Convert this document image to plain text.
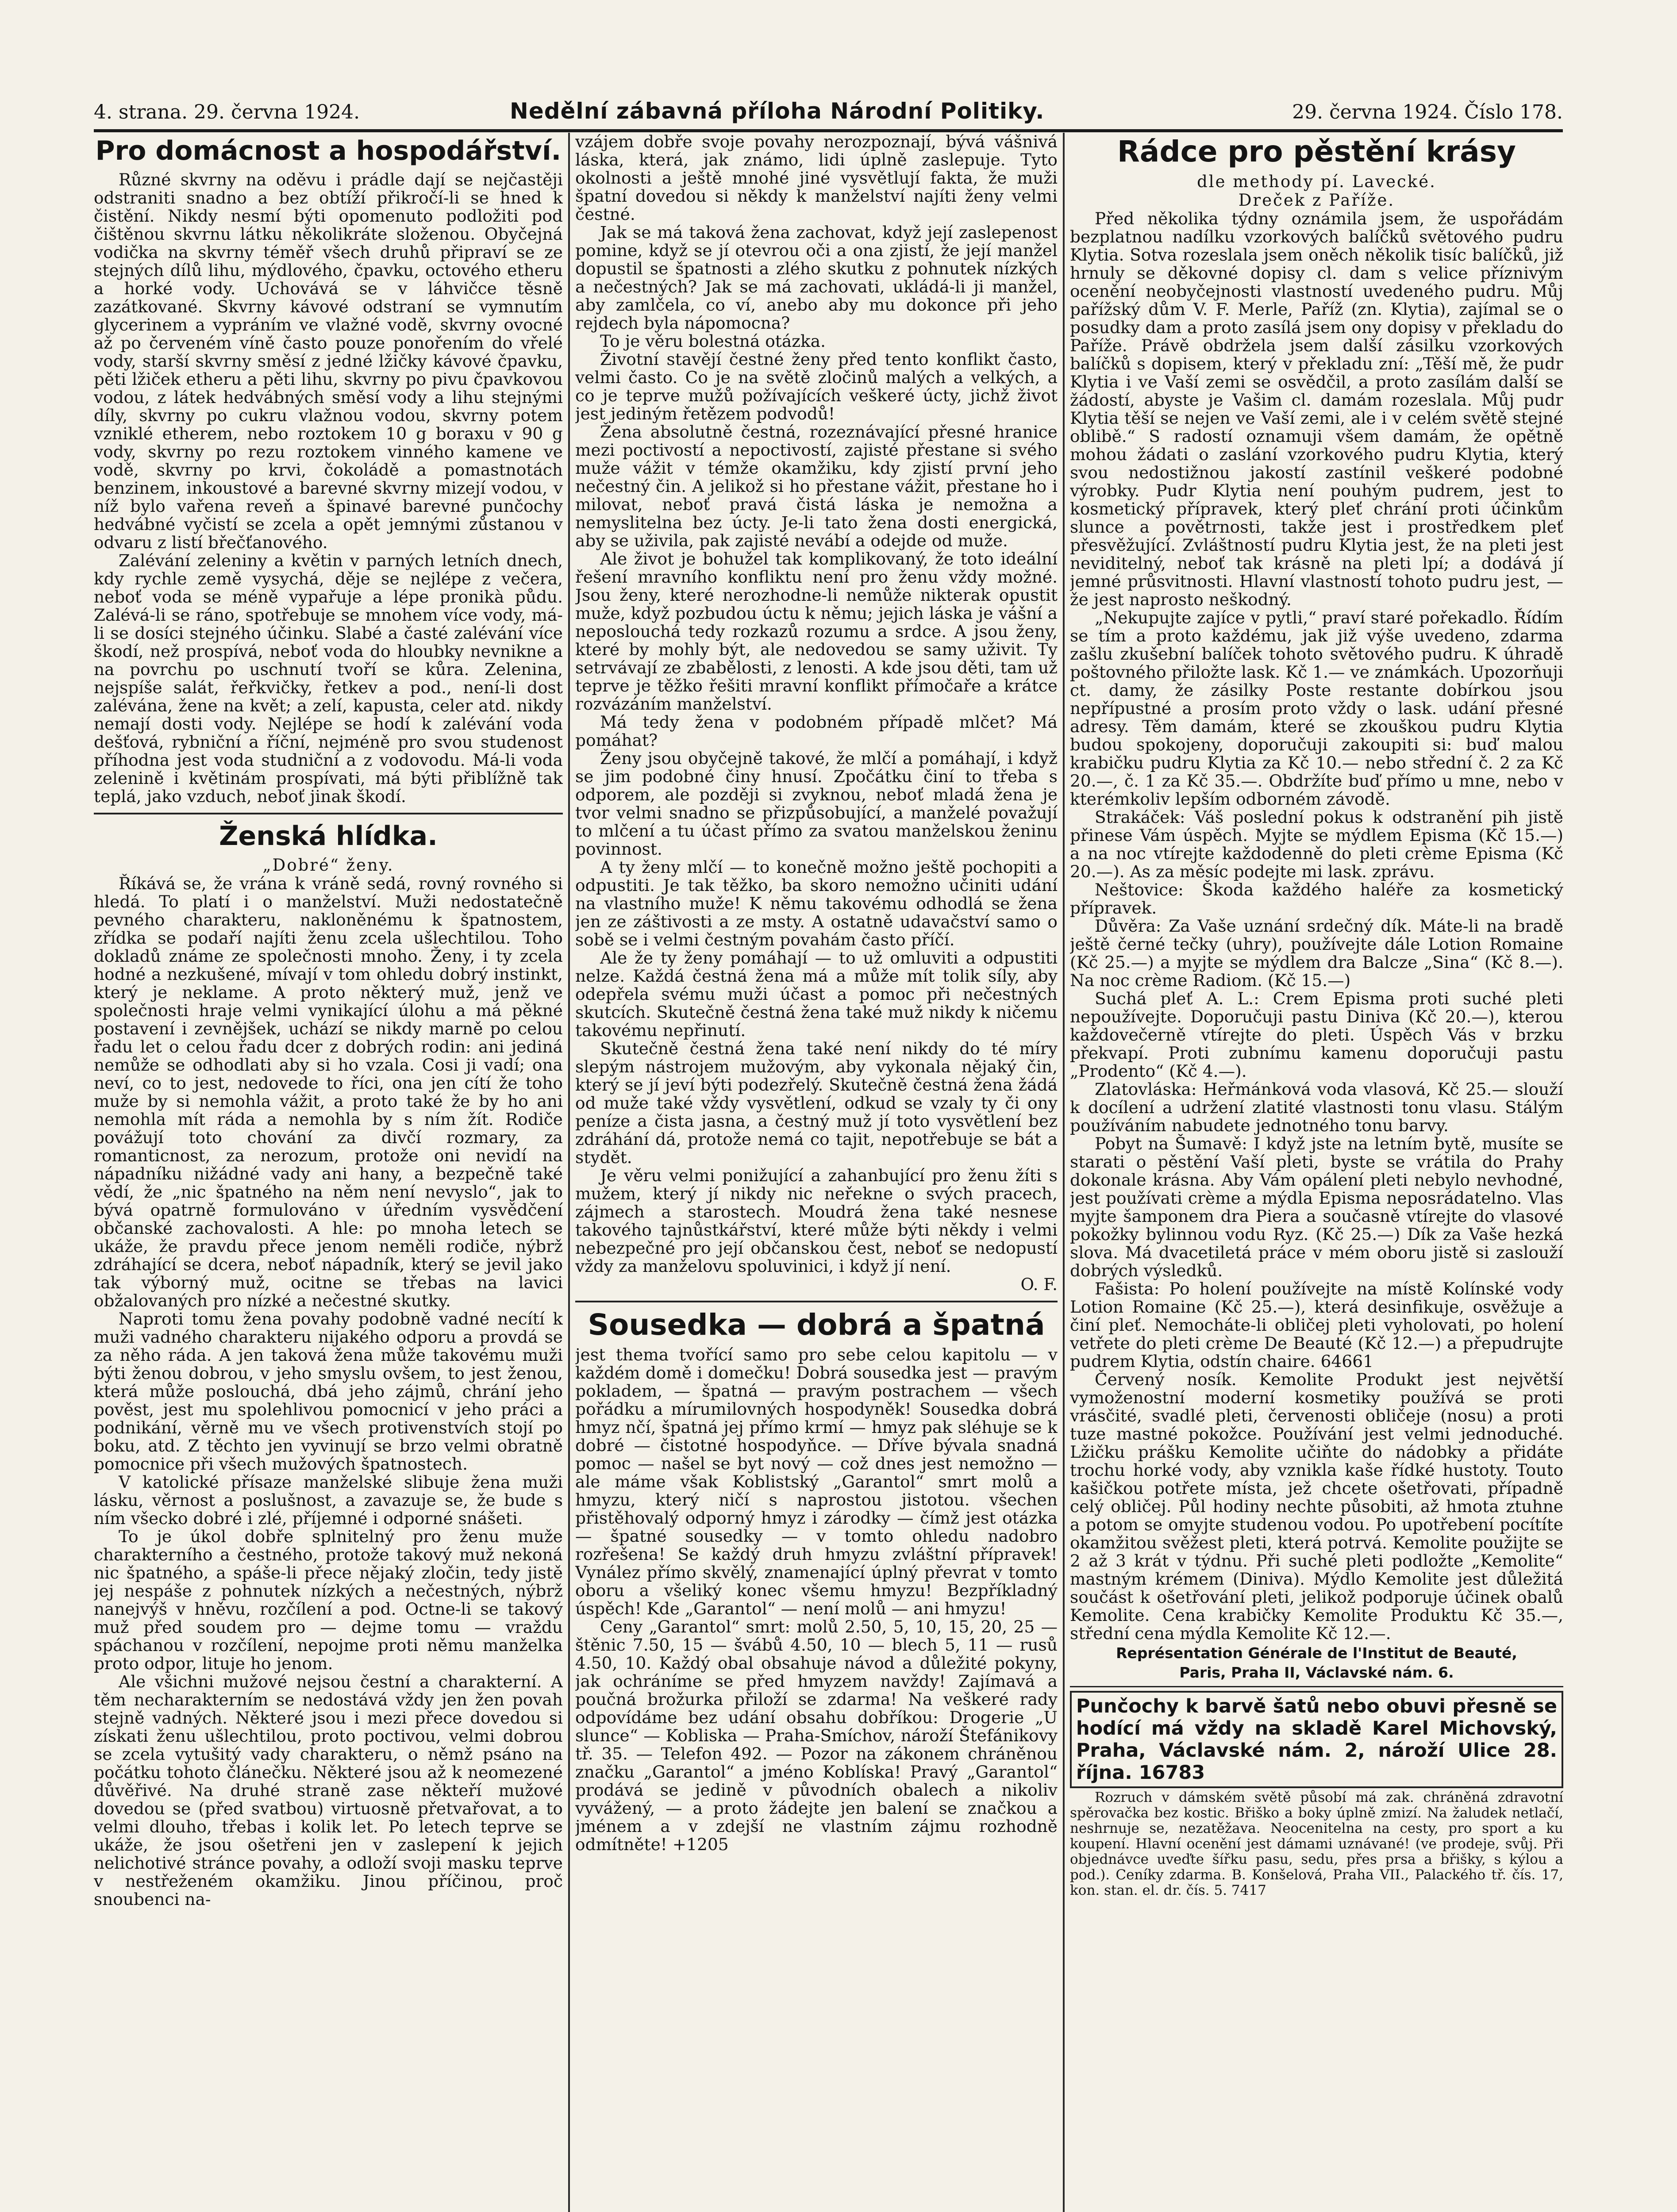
4. strana. 29. června 1924.	Nedělní zábavná příloha Národní Politiky.	29. června 1924. Číslo 178.
Pro domácnost a hospodářství.

Různé skvrny na oděvu i prádle dají se nejčastěji odstraniti snadno a bez obtíží přikročí-li se hned k čistění. Nikdy nesmí býti opomenuto podložiti pod čištěnou skvrnu látku několikráte složenou. Obyčejná vodička na skvrny téměř všech druhů připraví se ze stejných dílů lihu, mýdlového, čpavku, octového etheru a horké vody. Uchovává se v láhvičce těsně zazátkované. Skvrny kávové odstraní se vymnutím glycerinem a vypráním ve vlažné vodě, skvrny ovocné až po červeném víně často pouze ponořením do vřelé vody, starší skvrny směsí z jedné lžičky kávové čpavku, pěti lžiček etheru a pěti lihu, skvrny po pivu čpavkovou vodou, z látek hedvábných směsí vody a lihu stejnými díly, skvrny po cukru vlažnou vodou, skvrny potem vzniklé etherem, nebo roztokem 10 g boraxu v 90 g vody, skvrny po rezu roztokem vinného kamene ve vodě, skvrny po krvi, čokoládě a pomastnotách benzinem, inkoustové a barevné skvrny mizejí vodou, v níž bylo vařena reveň a špinavé barevné punčochy hedvábné vyčistí se zcela a opět jemnými zůstanou v odvaru z listí břečťanového.

Zalévání zeleniny a květin v parných letních dnech, kdy rychle země vysychá, děje se nejlépe z večera, neboť voda se méně vypařuje a lépe pronikà půdu. Zalévá-li se ráno, spotřebuje se mnohem více vody, má-li se dosíci stejného účinku. Slabé a časté zalévání více škodí, než prospívá, neboť voda do hloubky nevnikne a na povrchu po uschnutí tvoří se kůra. Zelenina, nejspíše salát, řeřkvičky, řetkev a pod., není-li dost zalévána, žene na květ; a zelí, kapusta, celer atd. nikdy nemají dosti vody. Nejlépe se hodí k zalévání voda dešťová, rybniční a říční, nejméně pro svou studenost příhodna jest voda studniční a z vodovodu. Má-li voda zelenině i květinám prospívati, má býti přiblížně tak teplá, jako vzduch, neboť jinak škodí.

Ženská hlídka.
„Dobré“ ženy.

Říkává se, že vrána k vráně sedá, rovný rovného si hledá. To platí i o manželství. Muži nedostatečně pevného charakteru, nakloněnému k špatnostem, zřídka se podaří najíti ženu zcela ušlechtilou. Toho dokladů známe ze společnosti mnoho. Ženy, i ty zcela hodné a nezkušené, mívají v tom ohledu dobrý instinkt, který je neklame. A proto některý muž, jenž ve společnosti hraje velmi vynikající úlohu a má pěkné postavení i zevnějšek, uchází se nikdy marně po celou řadu let o celou řadu dcer z dobrých rodin: ani jediná nemůže se odhodlati aby si ho vzala. Cosi ji vadí; ona neví, co to jest, nedovede to říci, ona jen cítí že toho muže by si nemohla vážit, a proto také že by ho ani nemohla mít ráda a nemohla by s ním žít. Rodiče povážují toto chování za divčí rozmary, za romanticnost, za nerozum, protože oni nevidí na nápadníku nižádné vady ani hany, a bezpečně také vědí, že „nic špatného na něm není nevyslo“, jak to bývá opatrně formulováno v úředním vysvědčení občanské zachovalosti. A hle: po mnoha letech se ukáže, že pravdu přece jenom neměli rodiče, nýbrž zdráhající se dcera, neboť nápadník, který se jevil jako tak výborný muž, ocitne se třebas na lavici obžalovaných pro nízké a nečestné skutky.

Naproti tomu žena povahy podobně vadné necítí k muži vadného charakteru nijakého odporu a provdá se za něho ráda. A jen taková žena může takovému muži býti ženou dobrou, v jeho smyslu ovšem, to jest ženou, která může poslouchá, dbá jeho zájmů, chrání jeho pověst, jest mu spolehlivou pomocnicí v jeho práci a podnikání, věrně mu ve všech protivenstvích stojí po boku, atd. Z těchto jen vyvinují se brzo velmi obratně pomocnice při všech mužových špatnostech.

V katolické přísaze manželské slibuje žena muži lásku, věrnost a poslušnost, a zavazuje se, že bude s ním všecko dobré i zlé, příjemné i odporné snášeti.

To je úkol dobře splnitelný pro ženu muže charakterního a čestného, protože takový muž nekoná nic špatného, a spáše-li přece nějaký zločin, tedy jistě jej nespáše z pohnutek nízkých a nečestných, nýbrž nanejvýš v hněvu, rozčílení a pod. Octne-li se takový muž před soudem pro — dejme tomu — vraždu spáchanou v rozčílení, nepojme proti němu manželka proto odpor, lituje ho jenom.

Ale všichni mužové nejsou čestní a charakterní. A těm necharakterním se nedostává vždy jen žen povah stejně vadných. Některé jsou i mezi přece dovedou si získati ženu ušlechtilou, proto poctivou, velmi dobrou se zcela vytušitý vady charakteru, o němž psáno na počátku tohoto článečku. Některé jsou až k neomezené důvěřivé. Na druhé straně zase někteří mužové dovedou se (před svatbou) virtuosně přetvařovat, a to velmi dlouho, třebas i kolik let. Po letech teprve se ukáže, že jsou ošetřeni jen v zaslepení k jejich nelichotivé stránce povahy, a odloží svoji masku teprve v nestřeženém okamžiku. Jinou příčinou, proč snoubenci na-

vzájem dobře svoje povahy nerozpoznají, bývá vášnivá láska, která, jak známo, lidi úplně zaslepuje. Tyto okolnosti a ještě mnohé jiné vysvětlují fakta, že muži špatní dovedou si někdy k manželství najíti ženy velmi čestné.

Jak se má taková žena zachovat, když její zaslepenost pomine, když se jí otevrou oči a ona zjistí, že její manžel dopustil se špatnosti a zlého skutku z pohnutek nízkých a nečestných? Jak se má zachovati, ukládá-li ji manžel, aby zamlčela, co ví, anebo aby mu dokonce při jeho rejdech byla nápomocna?

To je věru bolestná otázka.

Životní stavějí čestné ženy před tento konflikt často, velmi často. Co je na světě zločinů malých a velkých, a co je teprve mužů požívajících veškeré úcty, jichž život jest jediným řetězem podvodů!

Žena absolutně čestná, rozeznávající přesné hranice mezi poctivostí a nepoctivostí, zajisté přestane si svého muže vážit v témže okamžiku, kdy zjistí první jeho nečestný čin. A jelikož si ho přestane vážit, přestane ho i milovat, neboť pravá čistá láska je nemožna a nemyslitelna bez úcty. Je-li tato žena dosti energická, aby se uživila, pak zajisté nevábí a odejde od muže.

Ale život je bohužel tak komplikovaný, že toto ideální řešení mravního konfliktu není pro ženu vždy možné. Jsou ženy, které nerozhodne-li nemůže nikterak opustit muže, když pozbudou úctu k němu; jejich láska je vášní a neposlouchá tedy rozkazů rozumu a srdce. A jsou ženy, které by mohly být, ale nedovedou se samy uživit. Ty setrvávají ze zbabělosti, z lenosti. A kde jsou děti, tam už teprve je těžko řešiti mravní konflikt přímočaře a krátce rozvázáním manželství.

Má tedy žena v podobném případě mlčet? Má pomáhat?

Ženy jsou obyčejně takové, že mlčí a pomáhají, i když se jim podobné činy hnusí. Zpočátku činí to třeba s odporem, ale později si zvyknou, neboť mladá žena je tvor velmi snadno se přizpůsobující, a manželé považují to mlčení a tu účast přímo za svatou manželskou ženinu povinnost.

A ty ženy mlčí — to konečně možno ještě pochopiti a odpustiti. Je tak těžko, ba skoro nemožno učiniti udání na vlastního muže! K němu takovému odhodlá se žena jen ze záštivosti a ze msty. A ostatně udavačství samo o sobě se i velmi čestným povahám často příčí.

Ale že ty ženy pomáhají — to už omluviti a odpustiti nelze. Každá čestná žena má a může mít tolik síly, aby odepřela svému muži účast a pomoc při nečestných skutcích. Skutečně čestná žena také muž nikdy k ničemu takovému nepřinutí.

Skutečně čestná žena také není nikdy do té míry slepým nástrojem mužovým, aby vykonala nějaký čin, který se jí jeví býti podezřelý. Skutečně čestná žena žádá od muže také vždy vysvětlení, odkud se vzaly ty či ony peníze a čista jasna, a čestný muž jí toto vysvětlení bez zdráhání dá, protože nemá co tajit, nepotřebuje se bát a stydět.

Je věru velmi ponižující a zahanbující pro ženu žíti s mužem, který jí nikdy nic neřekne o svých pracech, zájmech a starostech. Moudrá žena také nesnese takového tajnůstkářství, které může býti někdy i velmi nebezpečné pro její občanskou čest, neboť se nedopustí vždy za manželovu spoluvinici, i když jí není.

O. F.
Sousedka — dobrá a špatná

jest thema tvořící samo pro sebe celou kapitolu — v každém domě i domečku! Dobrá sousedka jest — pravým pokladem, — špatná — pravým postrachem — všech pořádku a mírumilovných hospodyněk! Sousedka dobrá hmyz nčí, špatná jej přímo krmí — hmyz pak sléhuje se k dobré — čistotné hospodyňce. — Dříve bývala snadná pomoc — našel se byt nový — což dnes jest nemožno — ale máme však Koblistský „Garantol“ smrt molů a hmyzu, který ničí s naprostou jistotou. všechen přistěhovalý odporný hmyz i zárodky — čímž jest otázka — špatné sousedky — v tomto ohledu nadobro rozřešena! Se každý druh hmyzu zvláštní přípravek! Vynález přímo skvělý, znamenající úplný převrat v tomto oboru a všeliký konec všemu hmyzu! Bezpříkladný úspěch! Kde „Garantol“ — není molů — ani hmyzu!

Ceny „Garantol“ smrt: molů 2.50, 5, 10, 15, 20, 25 — štěnic 7.50, 15 — švábů 4.50, 10 — blech 5, 11 — rusů 4.50, 10. Každý obal obsahuje návod a důležité pokyny, jak ochráníme se před hmyzem navždy! Zajímavá a poučná brožurka přiloží se zdarma! Na veškeré rady odpovídáme bez udání obsahu dobříkou: Drogerie „U slunce“ — Kobliska — Praha-Smíchov, nároží Štefánikovy tř. 35. — Telefon 492. — Pozor na zákonem chráněnou značku „Garantol“ a jméno Koblíska! Pravý „Garantol“ prodává se jedině v původních obalech a nikoliv vyvážený, — a proto žádejte jen balení se značkou a jménem a v zdejší ne vlastním zájmu rozhodně odmítněte! +1205

Rádce pro pěstění krásy
dle methody pí. Lavecké.
Dreček z Paříže.

Před několika týdny oznámila jsem, že uspořádám bezplatnou nadílku vzorkových balíčků světového pudru Klytia. Sotva rozeslala jsem oněch několik tisíc balíčků, již hrnuly se děkovné dopisy cl. dam s velice příznivým ocenění neobyčejnosti vlastností uvedeného pudru. Můj pařížský dům V. F. Merle, Paříž (zn. Klytia), zajímal se o posudky dam a proto zasílá jsem ony dopisy v překladu do Paříže. Právě obdržela jsem další zásilku vzorkových balíčků s dopisem, který v překladu zní: „Těší mě, že pudr Klytia i ve Vaší zemi se osvědčil, a proto zasílám další se žádostí, abyste je Vašim cl. damám rozeslala. Můj pudr Klytia těší se nejen ve Vaší zemi, ale i v celém světě stejné oblibě.“ S radostí oznamuji všem damám, že opětně mohou žádati o zaslání vzorkového pudru Klytia, který svou nedostižnou jakostí zastínil veškeré podobné výrobky. Pudr Klytia není pouhým pudrem, jest to kosmetický přípravek, který pleť chrání proti účinkům slunce a povětrnosti, takže jest i prostředkem pleť přesvěžující. Zvláštností pudru Klytia jest, že na pleti jest neviditelný, neboť tak krásně na pleti lpí; a dodává jí jemné průsvitnosti. Hlavní vlastností tohoto pudru jest, — že jest naprosto neškodný.

„Nekupujte zajíce v pytli,“ praví staré pořekadlo. Řídím se tím a proto každému, jak již výše uvedeno, zdarma zašlu zkušební balíček tohoto světového pudru. K úhradě poštovného přiložte lask. Kč 1.— ve známkách. Upozorňuji ct. damy, že zásilky Poste restante dobírkou jsou nepřípustné a prosím proto vždy o lask. udání přesné adresy. Těm damám, které se zkouškou pudru Klytia budou spokojeny, doporučuji zakoupiti si: buď malou krabičku pudru Klytia za Kč 10.— nebo střední č. 2 za Kč 20.—, č. 1 za Kč 35.—. Obdržíte buď přímo u mne, nebo v kterémkoliv lepším odborném závodě.

Strakáček: Váš poslední pokus k odstranění pih jistě přinese Vám úspěch. Myjte se mýdlem Episma (Kč 15.—) a na noc vtírejte každodenně do pleti crème Episma (Kč 20.—). As za měsíc podejte mi lask. zprávu.

Neštovice: Škoda každého haléře za kosmetický přípravek.

Důvěra: Za Vaše uznání srdečný dík. Máte-li na bradě ještě černé tečky (uhry), používejte dále Lotion Romaine (Kč 25.—) a myjte se mýdlem dra Balcze „Sina“ (Kč 8.—). Na noc crème Radiom. (Kč 15.—)

Suchá pleť A. L.: Crem Episma proti suché pleti nepoužívejte. Doporučuji pastu Diniva (Kč 20.—), kterou každovečerně vtírejte do pleti. Úspěch Vás v brzku překvapí. Proti zubnímu kamenu doporučuji pastu „Prodento“ (Kč 4.—).

Zlatovláska: Heřmánková voda vlasová, Kč 25.— slouží k docílení a udržení zlatité vlastnosti tonu vlasu. Stálým používáním nabudete jednotného tonu barvy.

Pobyt na Šumavě: I když jste na letním bytě, musíte se starati o pěstění Vaší pleti, byste se vrátila do Prahy dokonale krásna. Aby Vám opálení pleti nebylo nevhodné, jest používati crème a mýdla Episma neposrádatelno. Vlas myjte šamponem dra Piera a současně vtírejte do vlasové pokožky bylinnou vodu Ryz. (Kč 25.—) Dík za Vaše hezká slova. Má dvacetiletá práce v mém oboru jistě si zaslouží dobrých výsledků.

Fašista: Po holení používejte na místě Kolínské vody Lotion Romaine (Kč 25.—), která desinfikuje, osvěžuje a činí pleť. Nemocháte-li obličej pleti vyholovati, po holení vetřete do pleti crème De Beauté (Kč 12.—) a přepudrujte pudrem Klytia, odstín chaire. 64661

Červený nosík. Kemolite Produkt jest největší vymoženostní moderní kosmetiky používá se proti vrásčité, svadlé pleti, červenosti obličeje (nosu) a proti tuze mastné pokožce. Používání jest velmi jednoduché. Lžičku prášku Kemolite učiňte do nádobky a přidáte trochu horké vody, aby vznikla kaše řídké hustoty. Touto kašičkou potřete místa, jež chcete ošetřovati, případně celý obličej. Půl hodiny nechte působiti, až hmota ztuhne a potom se omyjte studenou vodou. Po upotřebení pocítíte okamžitou svěžest pleti, která potrvá. Kemolite použijte se 2 až 3 krát v týdnu. Při suché pleti podložte „Kemolite“ mastným krémem (Diniva). Mýdlo Kemolite jest důležitá součást k ošetřování pleti, jelikož podporuje účinek obalů Kemolite. Cena krabičky Kemolite Produktu Kč 35.—, střední cena mýdla Kemolite Kč 12.—.

Représentation Générale de l'Institut de Beauté,
Paris, Praha II, Václavské nám. 6.
Punčochy k barvě šatů nebo obuvi přesně se hodící má vždy na skladě Karel Michovský, Praha, Václavské nám. 2, nároží Ulice 28. října. 16783

Rozruch v dámském světě působí má zak. chráněná zdravotní spěrovačka bez kostic. Břiško a boky úplně zmizí. Na žaludek netlačí, neshrnuje se, nezatěžava. Neocenitelna na cesty, pro sport a ku koupení. Hlavní ocenění jest dámami uznávané! (ve prodeje, svůj. Při objednávce uveďte šířku pasu, sedu, přes prsa a břišky, s kýlou a pod.). Ceníky zdarma. B. Konšelová, Praha VII., Palackého tř. čís. 17, kon. stan. el. dr. čís. 5. 7417
